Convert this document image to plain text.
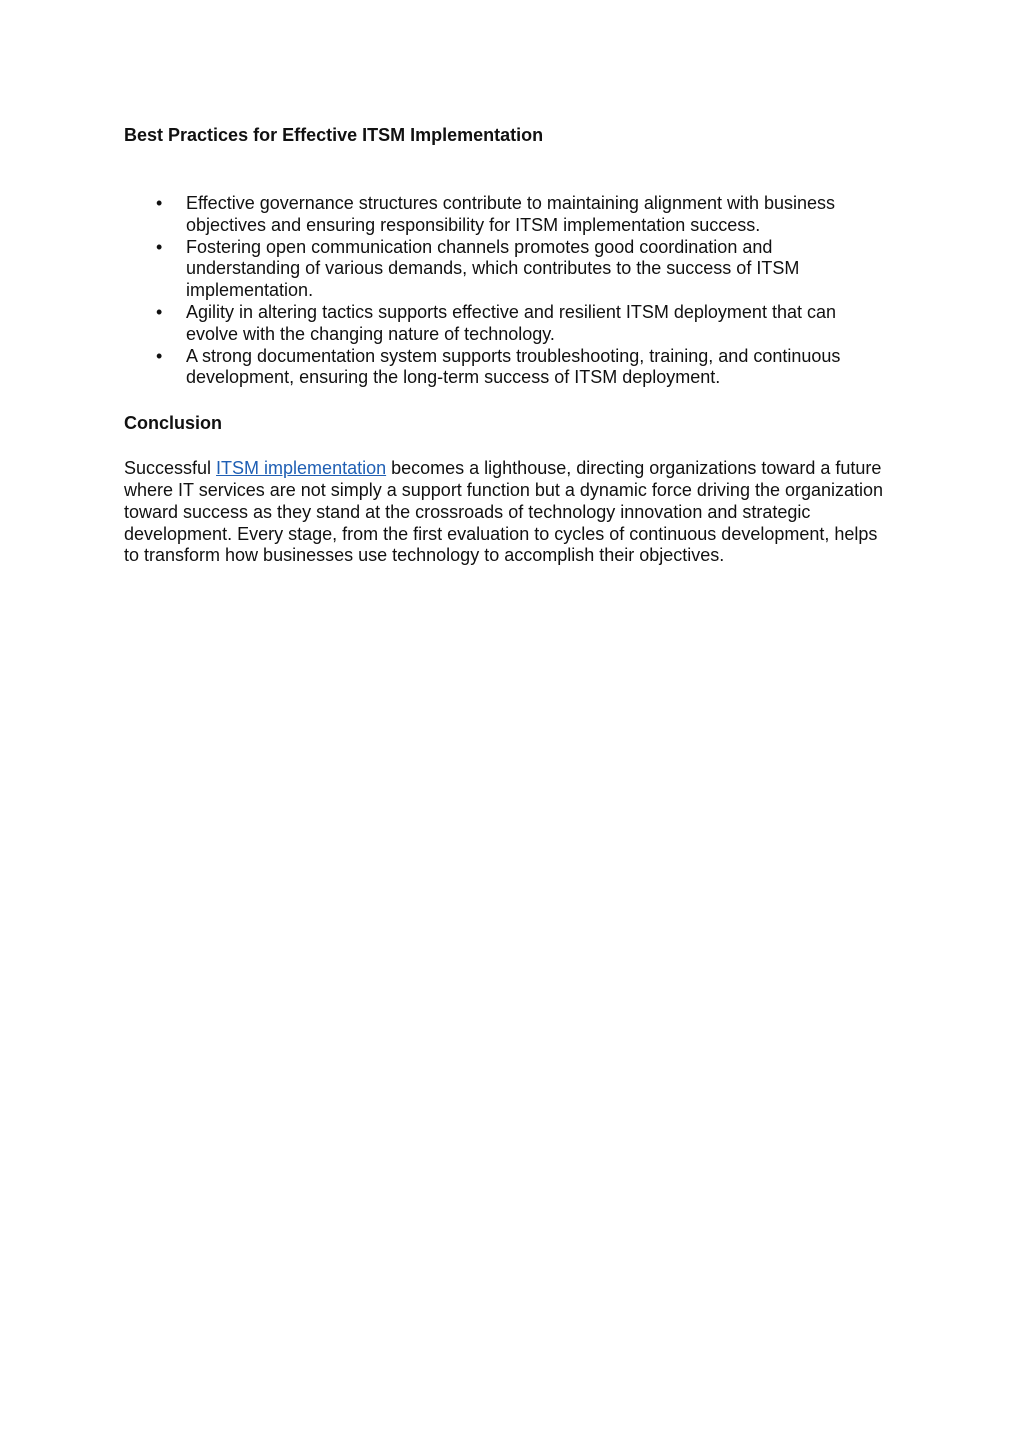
Best Practices for Effective ITSM Implementation
• Effective governance structures contribute to maintaining alignment with business objectives and ensuring responsibility for ITSM implementation success.
• Fostering open communication channels promotes good coordination and understanding of various demands, which contributes to the success of ITSM implementation.
• Agility in altering tactics supports effective and resilient ITSM deployment that can evolve with the changing nature of technology.
• A strong documentation system supports troubleshooting, training, and continuous development, ensuring the long-term success of ITSM deployment.
Conclusion

Successful ITSM implementation becomes a lighthouse, directing organizations toward a future where IT services are not simply a support function but a dynamic force driving the organization toward success as they stand at the crossroads of technology innovation and strategic development. Every stage, from the first evaluation to cycles of continuous development, helps to transform how businesses use technology to accomplish their objectives.
